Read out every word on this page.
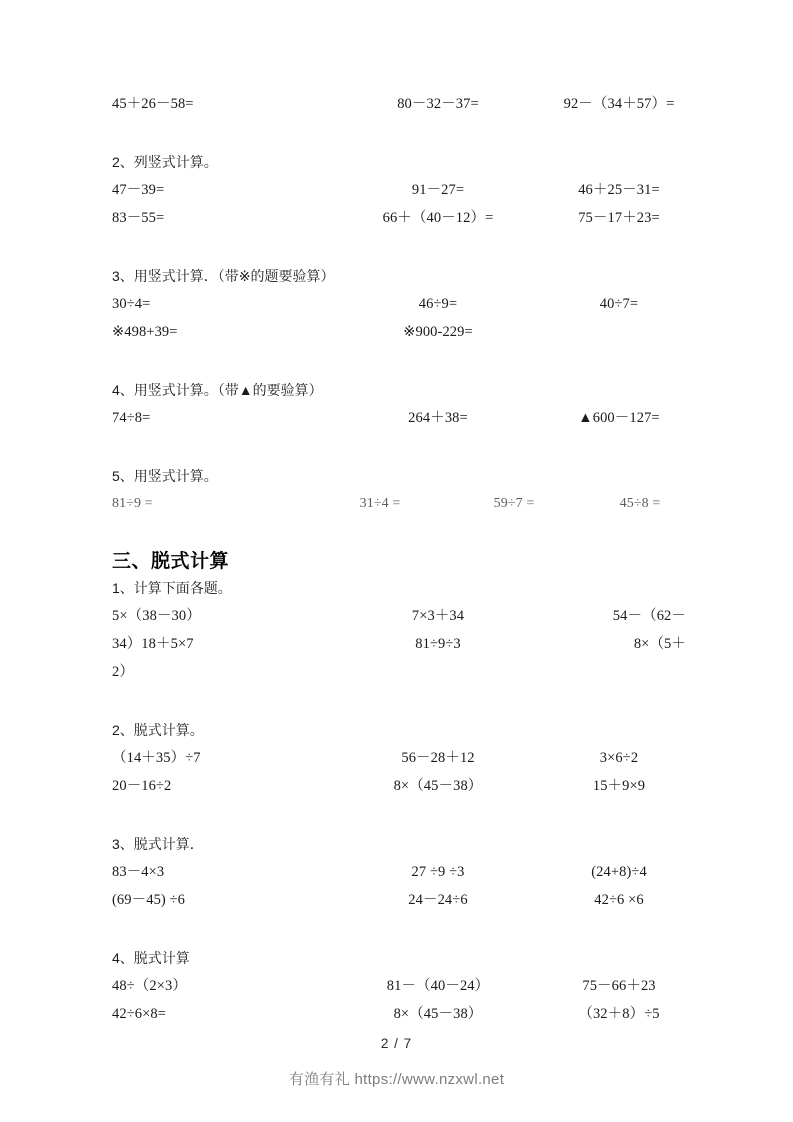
45＋26－58=	80－32－37=	92－（34＋57）=
2、列竖式计算。
47－39=	91－27=	46＋25－31=
83－55=	66＋（40－12）=	75－17＋23=
3、用竖式计算．（带※的题要验算）
30÷4=	46÷9=	40÷7=
※498+39=	※900-229=
4、用竖式计算。（带▲的要验算）
74÷8=	264＋38=	▲600－127=
5、用竖式计算。
81÷9 =	31÷4 =	59÷7 =	45÷8 =
三、脱式计算
1、计算下面各题。
5×（38－30）	7×3＋34	54－（62－
34）18＋5×7	81÷9÷3	8×（5＋
2）
2、脱式计算。
（14＋35）÷7	56－28＋12	3×6÷2
20－16÷2	8×（45－38）	15＋9×9
3、脱式计算．
83－4×3	27 ÷9 ÷3	(24+8)÷4
(69－45) ÷6	24－24÷6	42÷6 ×6
4、脱式计算
48÷（2×3）	81－（40－24）	75－66＋23
42÷6×8=	8×（45－38）	（32＋8）÷5
2 / 7
有渔有礼 https://www.nzxwl.net
